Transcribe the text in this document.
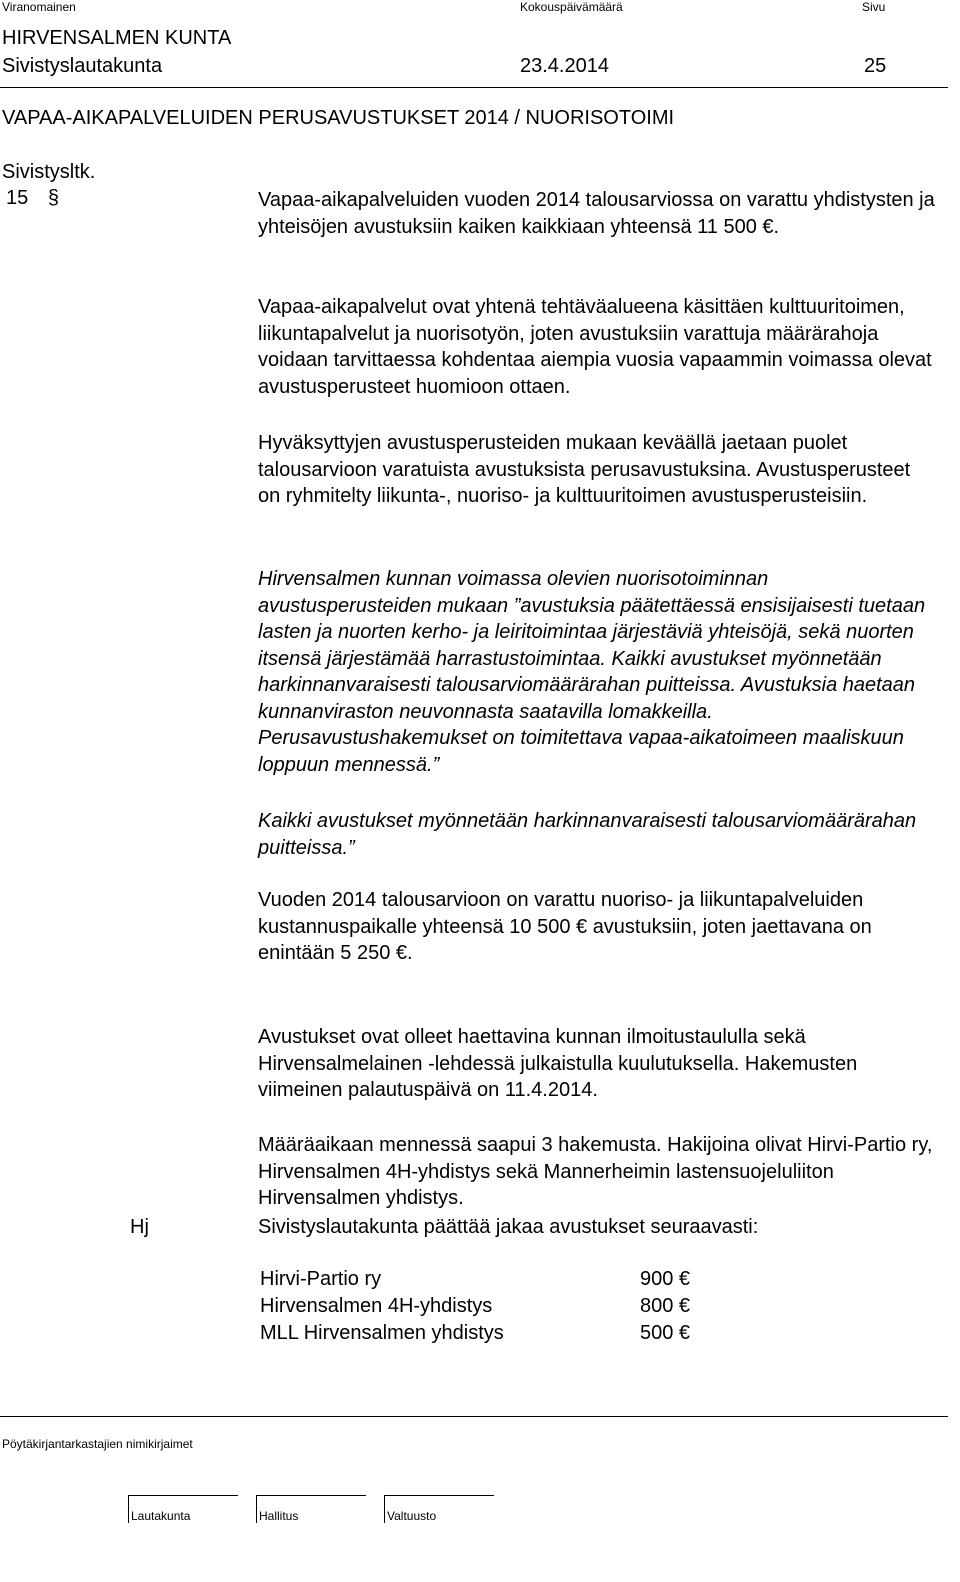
Viranomainen	Kokouspäivämäärä	Sivu
HIRVENSALMEN KUNTA
Sivistyslautakunta	23.4.2014	25
VAPAA-AIKAPALVELUIDEN PERUSAVUSTUKSET 2014 / NUORISOTOIMI
Sivistysltk.
15 §	Vapaa-aikapalveluiden vuoden 2014 talousarviossa on varattu yhdistysten ja yhteisöjen avustuksiin kaiken kaikkiaan yhteensä 11 500 €.
Vapaa-aikapalvelut ovat yhtenä tehtäväalueena käsittäen kulttuuritoimen, liikuntapalvelut ja nuorisotyön, joten avustuksiin varattuja määrärahoja voidaan tarvittaessa kohdentaa aiempia vuosia vapaammin voimassa olevat avustusperusteet huomioon ottaen.
Hyväksyttyjen avustusperusteiden mukaan keväällä jaetaan puolet talousarvioon varatuista avustuksista perusavustuksina. Avustusperusteet on ryhmitelty liikunta-, nuoriso- ja kulttuuritoimen avustusperusteisiin.
Hirvensalmen kunnan voimassa olevien nuorisotoiminnan avustusperusteiden mukaan ”avustuksia päätettäessä ensisijaisesti tuetaan lasten ja nuorten kerho- ja leiritoimintaa järjestäviä yhteisöjä, sekä nuorten itsensä järjestämää harrastustoimintaa. Kaikki avustukset myönnetään harkinnanvaraisesti talousarviomäärärahan puitteissa. Avustuksia haetaan kunnanviraston neuvonnasta saatavilla lomakkeilla. Perusavustushakemukset on toimitettava vapaa-aikatoimeen maaliskuun loppuun mennessä.”
Kaikki avustukset myönnetään harkinnanvaraisesti talousarviomäärärahan puitteissa.”
Vuoden 2014 talousarvioon on varattu nuoriso- ja liikuntapalveluiden kustannuspaikalle yhteensä 10 500 € avustuksiin, joten jaettavana on enintään 5 250 €.
Avustukset ovat olleet haettavina kunnan ilmoitustaululla sekä Hirvensalmelainen -lehdessä julkaistulla kuulutuksella. Hakemusten viimeinen palautuspäivä on 11.4.2014.
Määräaikaan mennessä saapui 3 hakemusta. Hakijoina olivat Hirvi-Partio ry, Hirvensalmen 4H-yhdistys sekä Mannerheimin lastensuojeluliiton Hirvensalmen yhdistys.
Hj	Sivistyslautakunta päättää jakaa avustukset seuraavasti:
Hirvi-Partio ry	900 €
Hirvensalmen 4H-yhdistys	800 €
MLL Hirvensalmen yhdistys	500 €
Pöytäkirjantarkastajien nimikirjaimet
Lautakunta	Hallitus	Valtuusto
